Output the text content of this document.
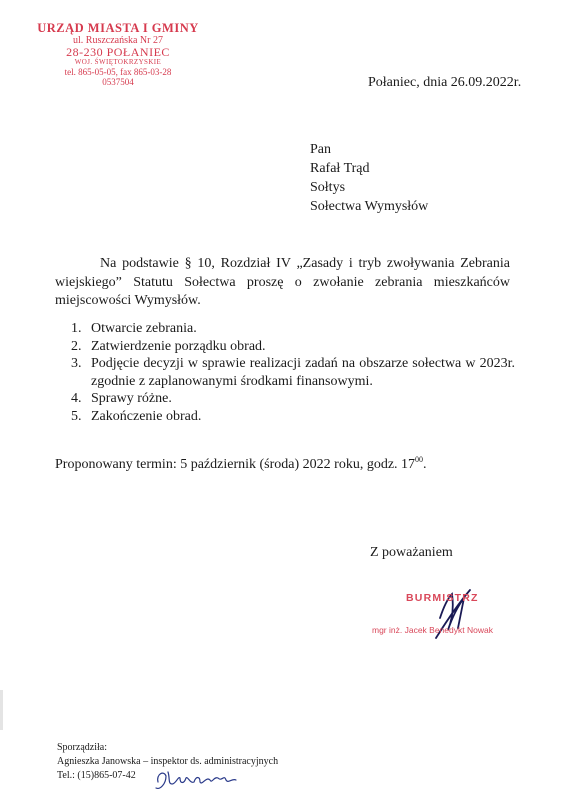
URZĄD MIASTA I GMINY
ul. Ruszczańska Nr 27
28-230 POŁANIEC
WOJ. ŚWIĘTOKRZYSKIE
tel. 865-05-05, fax 865-03-28
0537504	Połaniec, dnia 26.09.2022r.
Pan
Rafał Trąd
Sołtys
Sołectwa Wymysłów
Na podstawie § 10, Rozdział IV „Zasady i tryb zwoływania Zebrania wiejskiego” Statutu Sołectwa proszę o zwołanie zebrania mieszkańców miejscowości Wymysłów.
1. Otwarcie zebrania.
2. Zatwierdzenie porządku obrad.
3. Podjęcie decyzji w sprawie realizacji zadań na obszarze sołectwa w 2023r. zgodnie z zaplanowanymi środkami finansowymi.
4. Sprawy różne.
5. Zakończenie obrad.
Proponowany termin: 5 październik (środa) 2022 roku, godz. $17^{00}$.
Z poważaniem
BURMISTRZ
mgr inż. Jacek Benedykt Nowak
Sporządziła:
Agnieszka Janowska – inspektor ds. administracyjnych
Tel.: (15)865-07-42
